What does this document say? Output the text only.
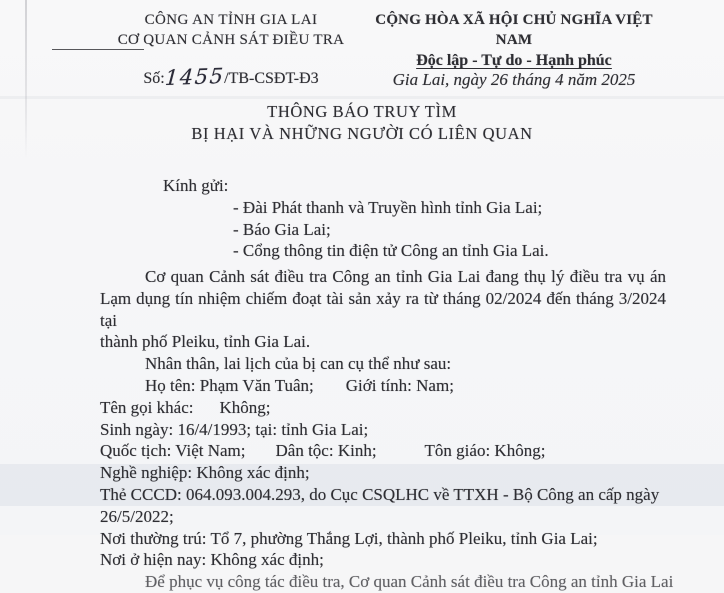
CÔNG AN TỈNH GIA LAI
CƠ QUAN CẢNH SÁT ĐIỀU TRA
Số:1455/TB-CSĐT-Đ3
CỘNG HÒA XÃ HỘI CHỦ NGHĨA VIỆT NAM
Độc lập - Tự do - Hạnh phúc
Gia Lai, ngày 26 tháng 4 năm 2025
THÔNG BÁO TRUY TÌM
BỊ HẠI VÀ NHỮNG NGƯỜI CÓ LIÊN QUAN
Kính gửi:
- Đài Phát thanh và Truyền hình tỉnh Gia Lai;
- Báo Gia Lai;
- Cổng thông tin điện tử Công an tỉnh Gia Lai.
Cơ quan Cảnh sát điều tra Công an tỉnh Gia Lai đang thụ lý điều tra vụ án
Lạm dụng tín nhiệm chiếm đoạt tài sản xảy ra từ tháng 02/2024 đến tháng 3/2024 tại
thành phố Pleiku, tỉnh Gia Lai.
Nhân thân, lai lịch của bị can cụ thể như sau:
Họ tên: Phạm Văn Tuân; Giới tính: Nam;
Tên gọi khác: Không;
Sinh ngày: 16/4/1993; tại: tỉnh Gia Lai;
Quốc tịch: Việt Nam; Dân tộc: Kinh;	Tôn giáo: Không;
Nghề nghiệp: Không xác định;
Thẻ CCCD: 064.093.004.293, do Cục CSQLHC về TTXH - Bộ Công an cấp ngày
26/5/2022;
Nơi thường trú: Tổ 7, phường Thắng Lợi, thành phố Pleiku, tỉnh Gia Lai;
Nơi ở hiện nay: Không xác định;
Để phục vụ công tác điều tra, Cơ quan Cảnh sát điều tra Công an tỉnh Gia Lai
